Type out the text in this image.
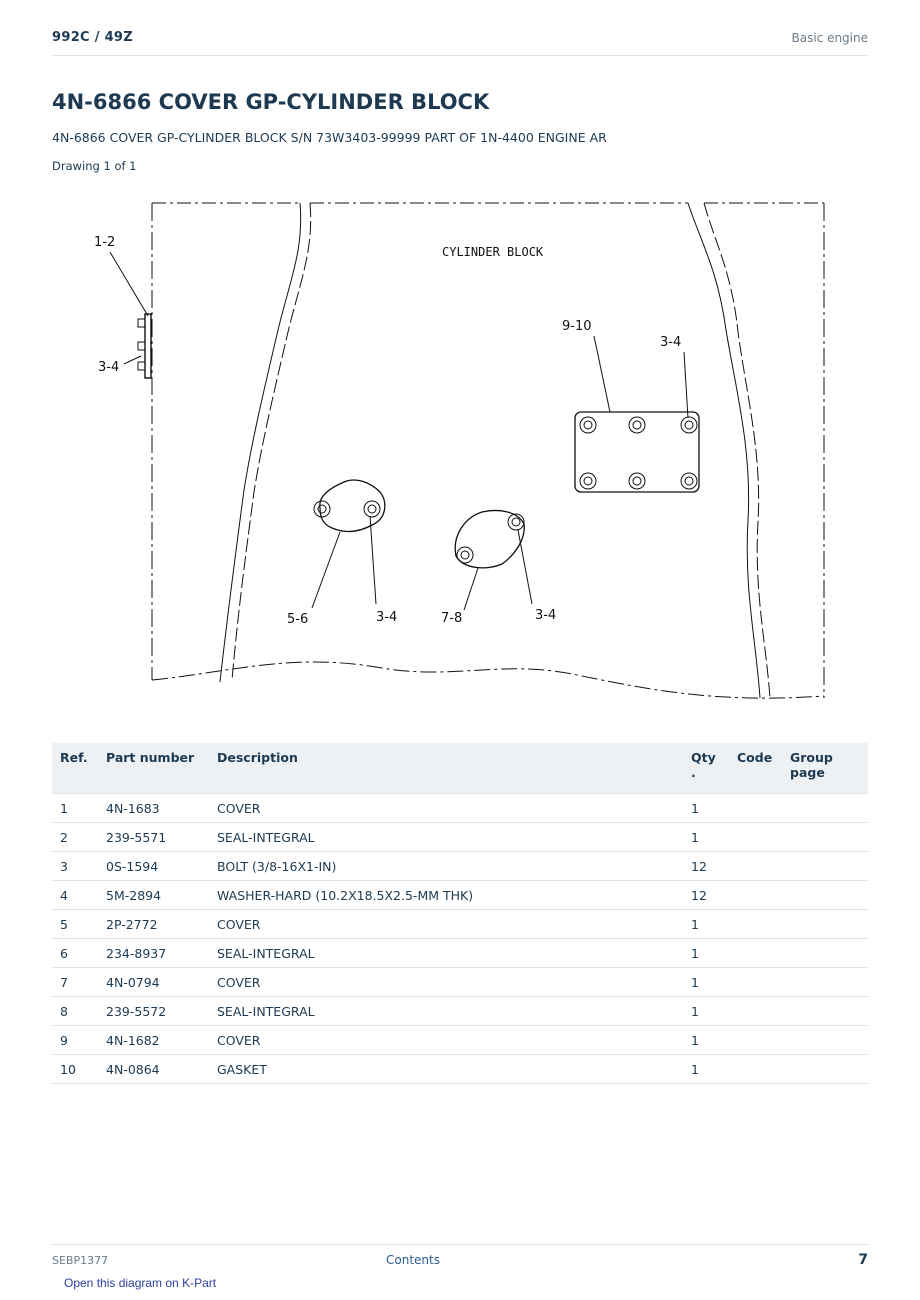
992C / 49Z	Basic engine
4N-6866 COVER GP-CYLINDER BLOCK
4N-6866 COVER GP-CYLINDER BLOCK S/N 73W3403-99999 PART OF 1N-4400 ENGINE AR
Drawing 1 of 1
CYLINDER BLOCK
1-2
3-4
9-10
3-4
5-6	3-4	7-8	3-4
Ref.	Part number	Description	Qty .	Code	Group page
1	4N-1683	COVER	1		
2	239-5571	SEAL-INTEGRAL	1		
3	0S-1594	BOLT (3/8-16X1-IN)	12		
4	5M-2894	WASHER-HARD (10.2X18.5X2.5-MM THK)	12		
5	2P-2772	COVER	1		
6	234-8937	SEAL-INTEGRAL	1		
7	4N-0794	COVER	1		
8	239-5572	SEAL-INTEGRAL	1		
9	4N-1682	COVER	1		
10	4N-0864	GASKET	1		
SEBP1377	Contents	7
Open this diagram on K-Part
